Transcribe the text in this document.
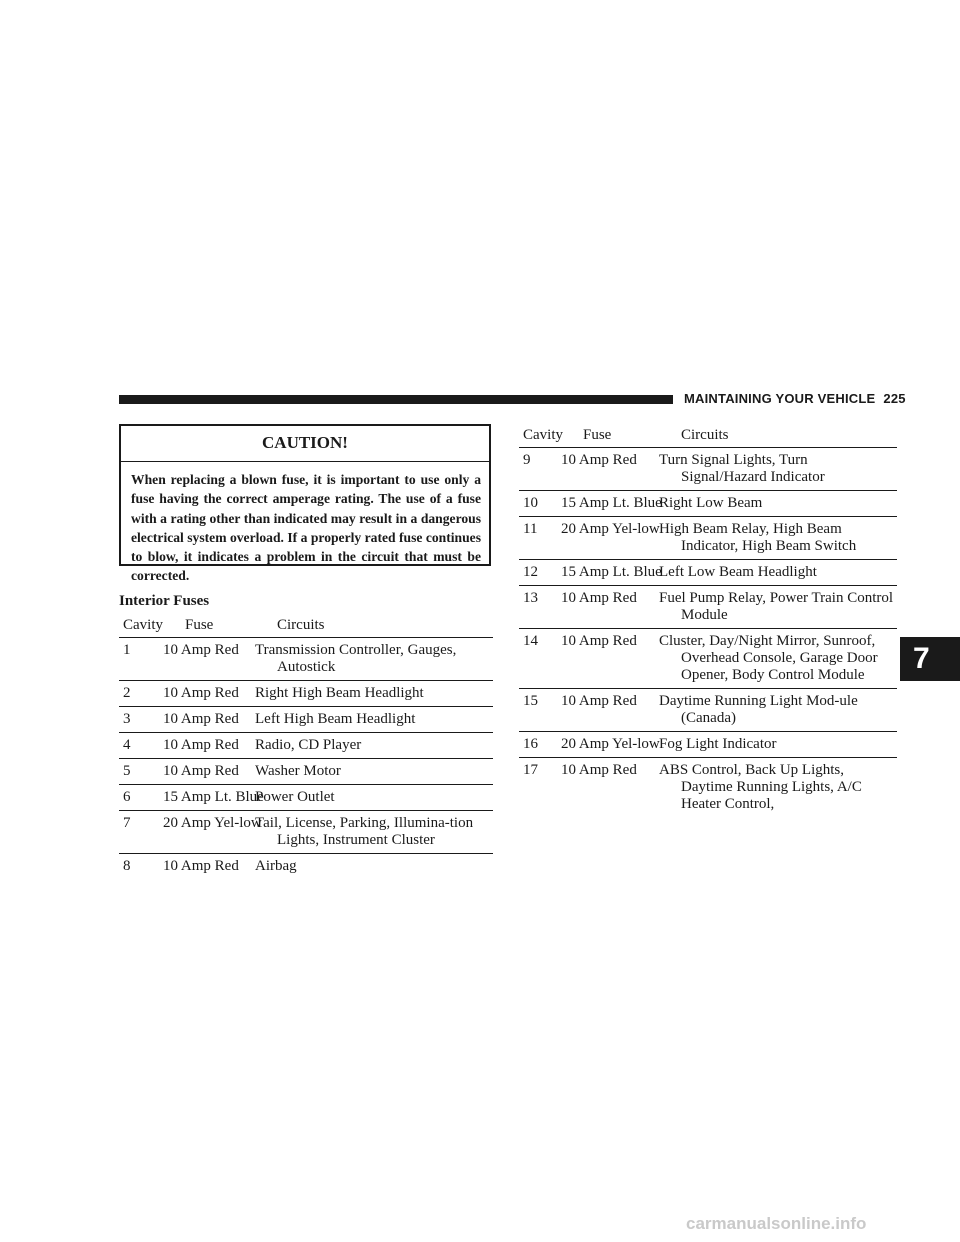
MAINTAINING YOUR VEHICLE 225
CAUTION!
When replacing a blown fuse, it is important to use only a fuse having the correct amperage rating. The use of a fuse with a rating other than indicated may result in a dangerous electrical system overload. If a properly rated fuse continues to blow, it indicates a problem in the circuit that must be corrected.
Interior Fuses
Cavity	Fuse	Circuits
1	10 Amp Red	Transmission Controller, Gauges, Autostick
2	10 Amp Red	Right High Beam Headlight
3	10 Amp Red	Left High Beam Headlight
4	10 Amp Red	Radio, CD Player
5	10 Amp Red	Washer Motor
6	15 Amp Lt. Blue	Power Outlet
7	20 Amp Yel-low	Tail, License, Parking, Illumina-tion Lights, Instrument Cluster
8	10 Amp Red	Airbag
Cavity	Fuse	Circuits
9	10 Amp Red	Turn Signal Lights, Turn Signal/Hazard Indicator
10	15 Amp Lt. Blue	Right Low Beam
11	20 Amp Yel-low	High Beam Relay, High Beam Indicator, High Beam Switch
12	15 Amp Lt. Blue	Left Low Beam Headlight
13	10 Amp Red	Fuel Pump Relay, Power Train Control Module
14	10 Amp Red	Cluster, Day/Night Mirror, Sunroof, Overhead Console, Garage Door Opener, Body Control Module
15	10 Amp Red	Daytime Running Light Mod-ule (Canada)
16	20 Amp Yel-low	Fog Light Indicator
17	10 Amp Red	ABS Control, Back Up Lights, Daytime Running Lights, A/C Heater Control,
7
carmanualsonline.info
